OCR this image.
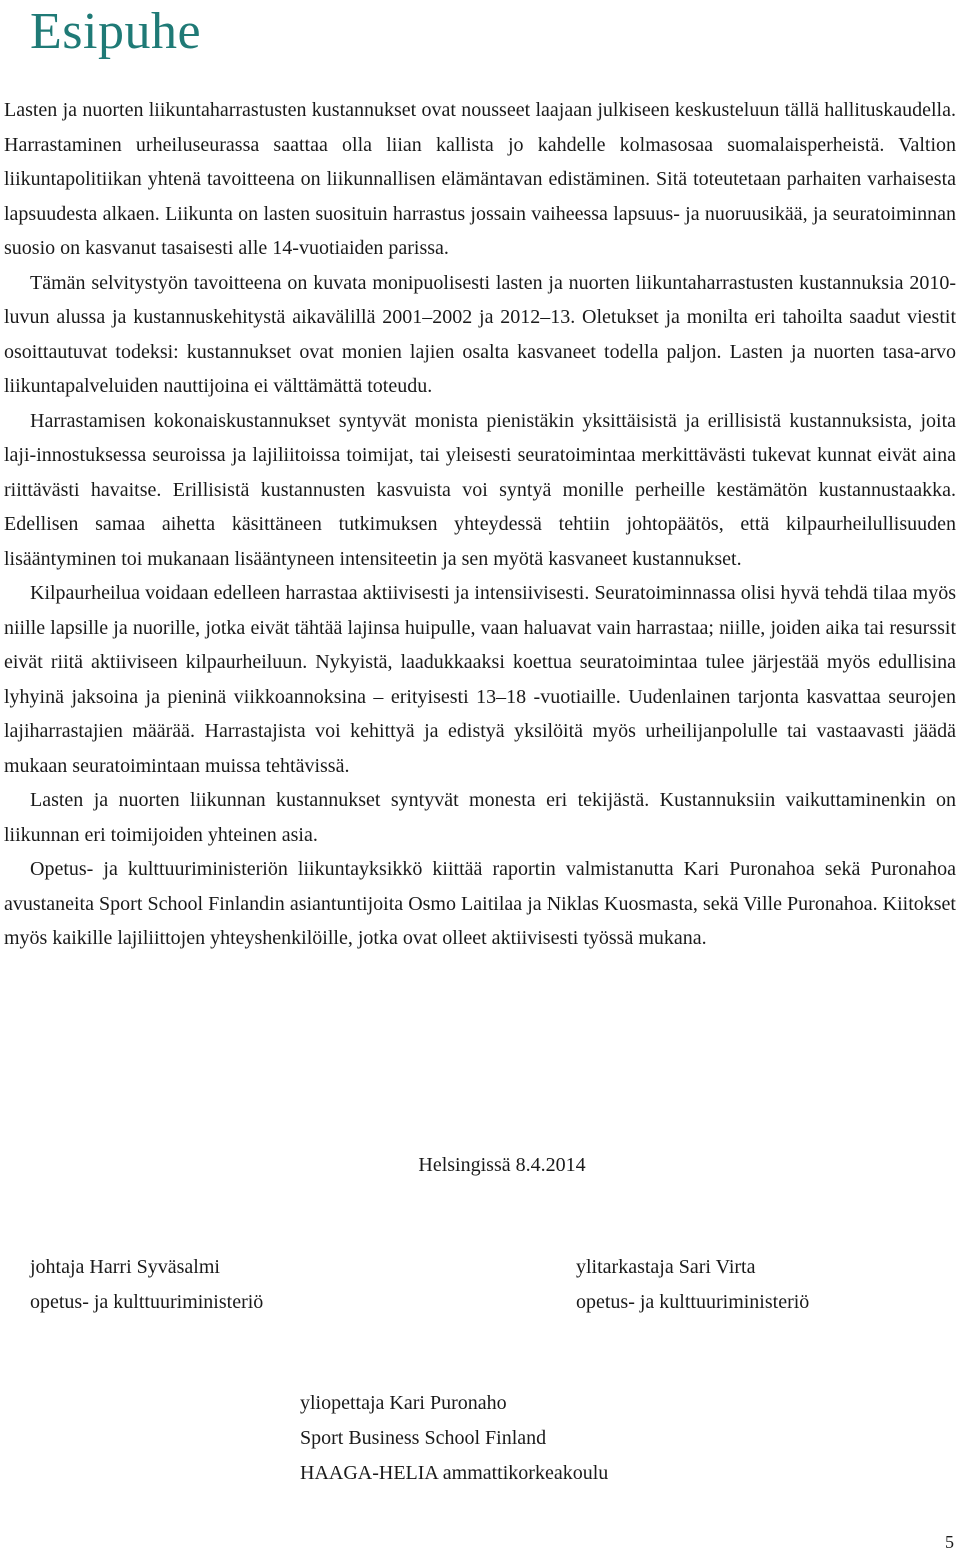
Esipuhe

Lasten ja nuorten liikuntaharrastusten kustannukset ovat nousseet laajaan julkiseen keskusteluun tällä hallituskaudella. Harrastaminen urheiluseurassa saattaa olla liian kallista jo kahdelle kolmasosaa suomalaisperheistä. Valtion liikuntapolitiikan yhtenä tavoitteena on liikunnallisen elämäntavan edistäminen. Sitä toteutetaan parhaiten varhaisesta lapsuudesta alkaen. Liikunta on lasten suosituin harrastus jossain vaiheessa lapsuus- ja nuoruusikää, ja seuratoiminnan suosio on kasvanut tasaisesti alle 14-vuotiaiden parissa.

Tämän selvitystyön tavoitteena on kuvata monipuolisesti lasten ja nuorten liikuntaharrastusten kustannuksia 2010-luvun alussa ja kustannuskehitystä aikavälillä 2001–2002 ja 2012–13. Oletukset ja monilta eri tahoilta saadut viestit osoittautuvat todeksi: kustannukset ovat monien lajien osalta kasvaneet todella paljon. Lasten ja nuorten tasa-arvo liikuntapalveluiden nauttijoina ei välttämättä toteudu.

Harrastamisen kokonaiskustannukset syntyvät monista pienistäkin yksittäisistä ja erillisistä kustannuksista, joita laji-innostuksessa seuroissa ja lajiliitoissa toimijat, tai yleisesti seuratoimintaa merkittävästi tukevat kunnat eivät aina riittävästi havaitse. Erillisistä kustannusten kasvuista voi syntyä monille perheille kestämätön kustannustaakka. Edellisen samaa aihetta käsittäneen tutkimuksen yhteydessä tehtiin johtopäätös, että kilpaurheilullisuuden lisääntyminen toi mukanaan lisääntyneen intensiteetin ja sen myötä kasvaneet kustannukset.

Kilpaurheilua voidaan edelleen harrastaa aktiivisesti ja intensiivisesti. Seuratoiminnassa olisi hyvä tehdä tilaa myös niille lapsille ja nuorille, jotka eivät tähtää lajinsa huipulle, vaan haluavat vain harrastaa; niille, joiden aika tai resurssit eivät riitä aktiiviseen kilpaurheiluun. Nykyistä, laadukkaaksi koettua seuratoimintaa tulee järjestää myös edullisina lyhyinä jaksoina ja pieninä viikkoannoksina – erityisesti 13–18 -vuotiaille. Uudenlainen tarjonta kasvattaa seurojen lajiharrastajien määrää. Harrastajista voi kehittyä ja edistyä yksilöitä myös urheilijanpolulle tai vastaavasti jäädä mukaan seuratoimintaan muissa tehtävissä.

Lasten ja nuorten liikunnan kustannukset syntyvät monesta eri tekijästä. Kustannuksiin vaikuttaminenkin on liikunnan eri toimijoiden yhteinen asia.

Opetus- ja kulttuuriministeriön liikuntayksikkö kiittää raportin valmistanutta Kari Puronahoa sekä Puronahoa avustaneita Sport School Finlandin asiantuntijoita Osmo Laitilaa ja Niklas Kuosmasta, sekä Ville Puronahoa. Kiitokset myös kaikille lajiliittojen yhteyshenkilöille, jotka ovat olleet aktiivisesti työssä mukana.

Helsingissä 8.4.2014
johtaja Harri Syväsalmi
opetus- ja kulttuuriministeriö
ylitarkastaja Sari Virta
opetus- ja kulttuuriministeriö
yliopettaja Kari Puronaho
Sport Business School Finland
HAAGA-HELIA ammattikorkeakoulu
5
